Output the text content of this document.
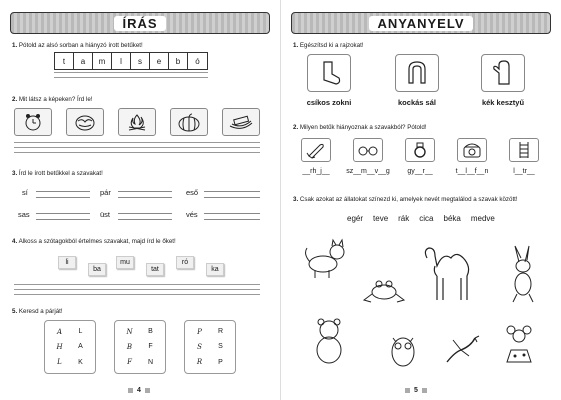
ÍRÁS
1. Pótold az alsó sorban a hiányzó írott betűket!
t	a	m	l	s	e	b	ó
2. Mit látsz a képeken? Írd le!
3. Írd le írott betűkkel a szavakat!
sí	pár	eső
sas	üst	vés
4. Alkoss a szótagokból értelmes szavakat, majd írd le őket!
li
ba
mu
tat
ró
ka
5. Keresd a párját!
A	L
H	A
L	K
N	B
B	F
F	N
P	R
S	S
R	P
4
ANYANYELV
1. Egészítsd ki a rajzokat!
csíkos zokni	kockás sál	kék kesztyű
2. Milyen betűk hiányoznak a szavakból? Pótold!
__rh_j__	sz__m__v__g	gy__r__	t__l__f__n	l__tr__
3. Csak azokat az állatokat színezd ki, amelyek nevét megtalálod a szavak között!
egér teve rák cica béka medve
5
